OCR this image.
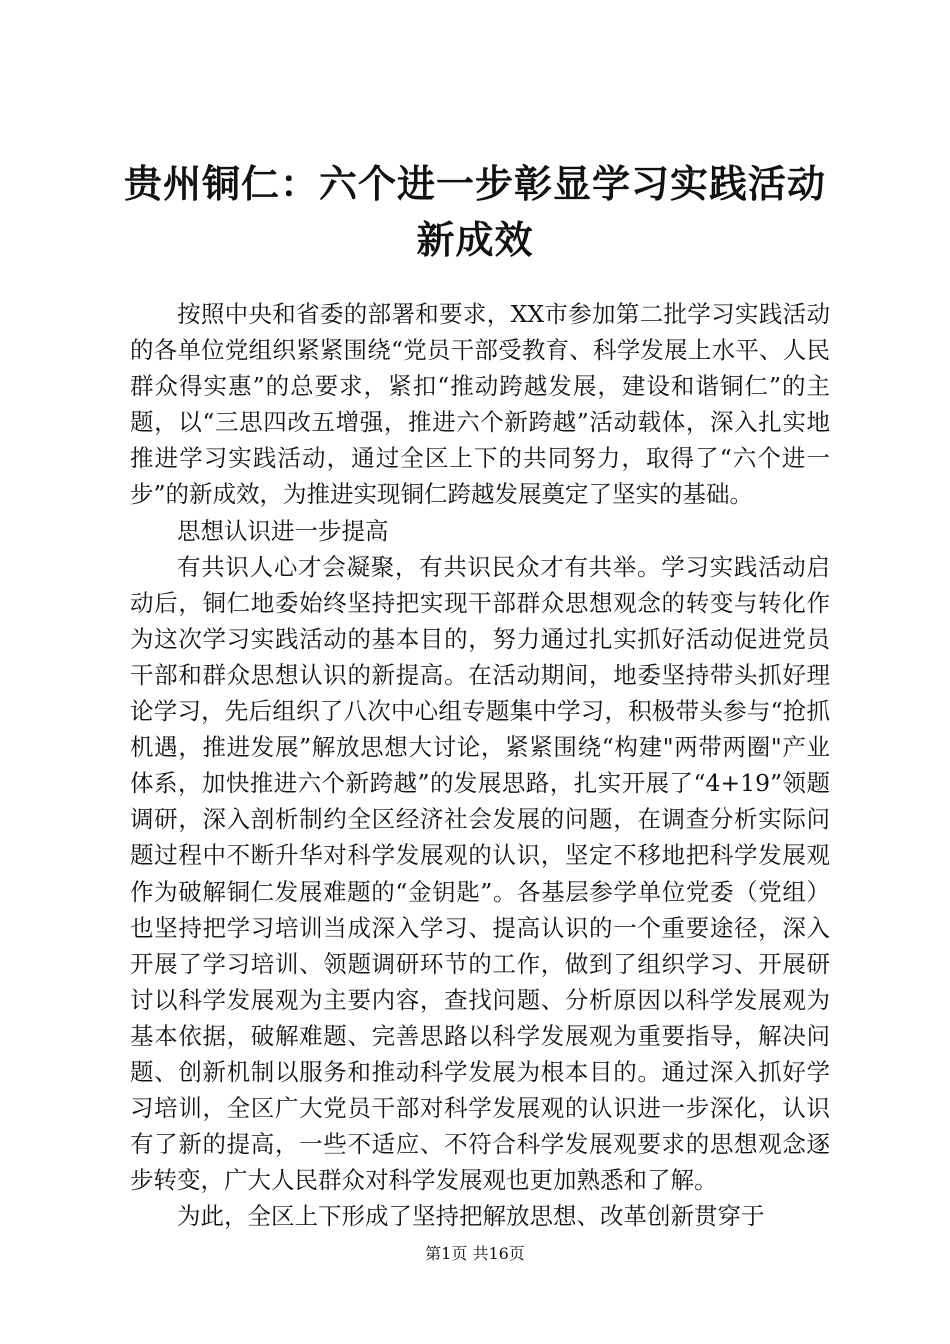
贵州铜仁：六个进一步彰显学习实践活动新成效

按照中央和省委的部署和要求，XX市参加第二批学习实践活动的各单位党组织紧紧围绕“党员干部受教育、科学发展上水平、人民群众得实惠”的总要求，紧扣“推动跨越发展，建设和谐铜仁”的主题，以“三思四改五增强，推进六个新跨越”活动载体，深入扎实地推进学习实践活动，通过全区上下的共同努力，取得了“六个进一步”的新成效，为推进实现铜仁跨越发展奠定了坚实的基础。

思想认识进一步提高

有共识人心才会凝聚，有共识民众才有共举。学习实践活动启动后，铜仁地委始终坚持把实现干部群众思想观念的转变与转化作为这次学习实践活动的基本目的，努力通过扎实抓好活动促进党员干部和群众思想认识的新提高。在活动期间，地委坚持带头抓好理论学习，先后组织了八次中心组专题集中学习，积极带头参与“抢抓机遇，推进发展”解放思想大讨论，紧紧围绕“构建"两带两圈"产业体系，加快推进六个新跨越”的发展思路，扎实开展了“4+19”领题调研，深入剖析制约全区经济社会发展的问题，在调查分析实际问题过程中不断升华对科学发展观的认识，坚定不移地把科学发展观作为破解铜仁发展难题的“金钥匙”。各基层参学单位党委（党组）也坚持把学习培训当成深入学习、提高认识的一个重要途径，深入开展了学习培训、领题调研环节的工作，做到了组织学习、开展研讨以科学发展观为主要内容，查找问题、分析原因以科学发展观为基本依据，破解难题、完善思路以科学发展观为重要指导，解决问题、创新机制以服务和推动科学发展为根本目的。通过深入抓好学习培训，全区广大党员干部对科学发展观的认识进一步深化，认识有了新的提高，一些不适应、不符合科学发展观要求的思想观念逐步转变，广大人民群众对科学发展观也更加熟悉和了解。

为此，全区上下形成了坚持把解放思想、改革创新贯穿于

第1页 共16页
